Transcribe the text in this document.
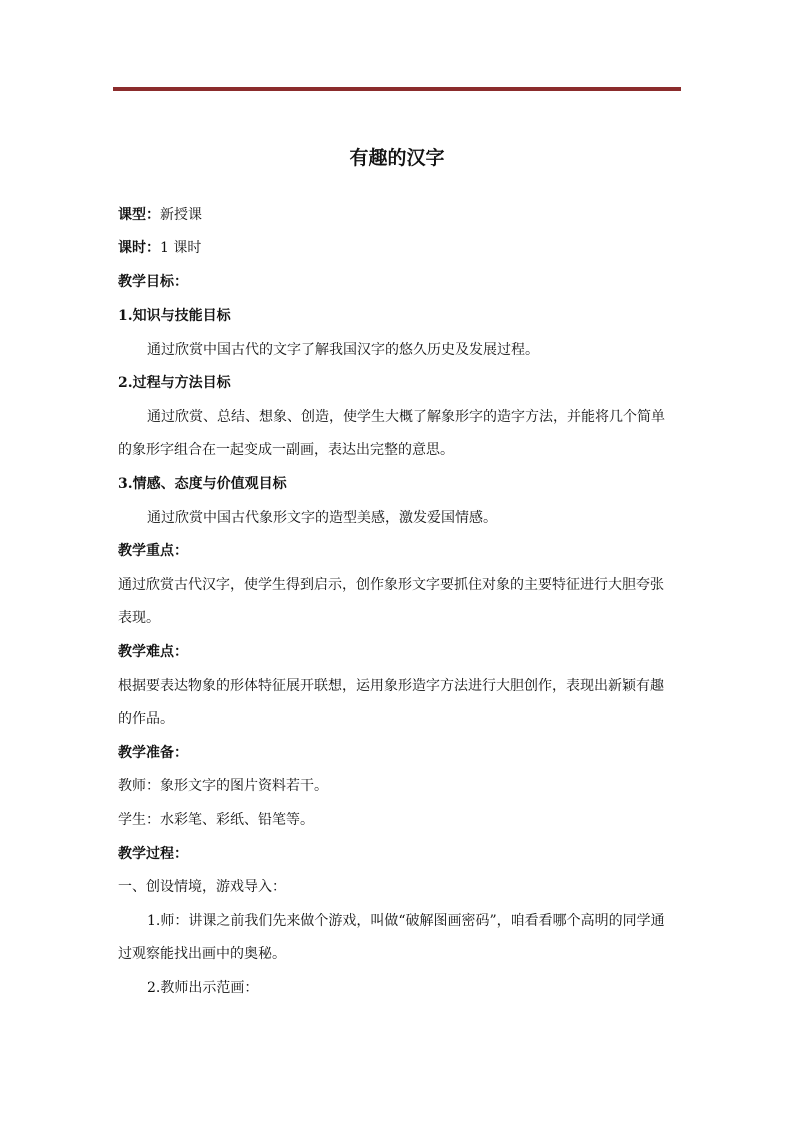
有趣的汉字

课型：新授课

课时：1 课时

教学目标：

1.知识与技能目标

通过欣赏中国古代的文字了解我国汉字的悠久历史及发展过程。

2.过程与方法目标

通过欣赏、总结、想象、创造，使学生大概了解象形字的造字方法，并能将几个简单

的象形字组合在一起变成一副画，表达出完整的意思。

3.情感、态度与价值观目标

通过欣赏中国古代象形文字的造型美感，激发爱国情感。

教学重点：

通过欣赏古代汉字，使学生得到启示，创作象形文字要抓住对象的主要特征进行大胆夸张

表现。

教学难点：

根据要表达物象的形体特征展开联想，运用象形造字方法进行大胆创作，表现出新颖有趣

的作品。

教学准备：

教师：象形文字的图片资料若干。

学生：水彩笔、彩纸、铅笔等。

教学过程：

一、创设情境，游戏导入：

1.师：讲课之前我们先来做个游戏，叫做“破解图画密码”，咱看看哪个高明的同学通

过观察能找出画中的奥秘。

2.教师出示范画：
